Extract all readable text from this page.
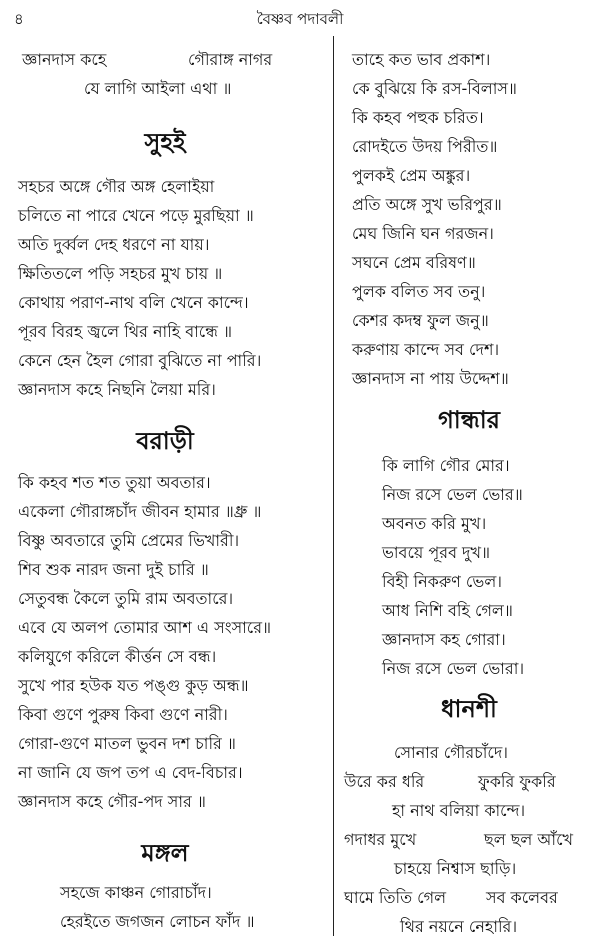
৪	বৈষ্ণব পদাবলী
জ্ঞানদাস কহে	গৌরাঙ্গ নাগর
যে লাগি আইলা এথা ॥
সুহই
সহচর অঙ্গে গৌর অঙ্গ হেলাইয়া
চলিতে না পারে খেনে পড়ে মুরছিয়া ॥
অতি দুর্ব্বল দেহ ধরণে না যায়।
ক্ষিতিতলে পড়ি সহচর মুখ চায় ॥
কোথায় পরাণ-নাথ বলি খেনে কান্দে।
পূরব বিরহ জ্বলে থির নাহি বান্ধে ॥
কেনে হেন হৈল গোরা বুঝিতে না পারি।
জ্ঞানদাস কহে নিছনি লৈয়া মরি।
বরাড়ী
কি কহব শত শত তুয়া অবতার।
একেলা গৌরাঙ্গচাঁদ জীবন হামার ॥ধ্রু ॥
বিষ্ণু অবতারে তুমি প্রেমের ভিখারী।
শিব শুক নারদ জনা দুই চারি ॥
সেতুবন্ধ কৈলে তুমি রাম অবতারে।
এবে যে অলপ তোমার আশ এ সংসারে॥
কলিযুগে করিলে কীর্ত্তন সে বন্ধ।
সুখে পার হউক যত পঙ্গু কুড় অন্ধ॥
কিবা গুণে পুরুষ কিবা গুণে নারী।
গোরা-গুণে মাতল ভুবন দশ চারি ॥
না জানি যে জপ তপ এ বেদ-বিচার।
জ্ঞানদাস কহে গৌর-পদ সার ॥
মঙ্গল
সহজে কাঞ্চন গোরাচাঁদ।
হেরইতে জগজন লোচন ফাঁদ ॥
তাহে কত ভাব প্রকাশ।
কে বুঝিয়ে কি রস-বিলাস॥
কি কহব পহুক চরিত।
রোদইতে উদয় পিরীত॥
পুলকই প্রেম অঙ্কুর।
প্রতি অঙ্গে সুখ ভরিপুর॥
মেঘ জিনি ঘন গরজন।
সঘনে প্রেম বরিষণ॥
পুলক বলিত সব তনু।
কেশর কদম্ব ফুল জনু॥
করুণায় কান্দে সব দেশ।
জ্ঞানদাস না পায় উদ্দেশ॥
গান্ধার
কি লাগি গৌর মোর।
নিজ রসে ভেল ভোর॥
অবনত করি মুখ।
ভাবয়ে পূরব দুখ॥
বিহী নিকরুণ ভেল।
আধ নিশি বহি গেল॥
জ্ঞানদাস কহ গোরা।
নিজ রসে ভেল ভোরা।
ধানশী
সোনার গৌরচাঁদে।
উরে কর ধরি	ফুকরি ফুকরি
হা নাথ বলিয়া কান্দে।
গদাধর মুখে	ছল ছল আঁখে
চাহয়ে নিশ্বাস ছাড়ি।
ঘামে তিতি গেল সব কলেবর
থির নয়নে নেহারি।
